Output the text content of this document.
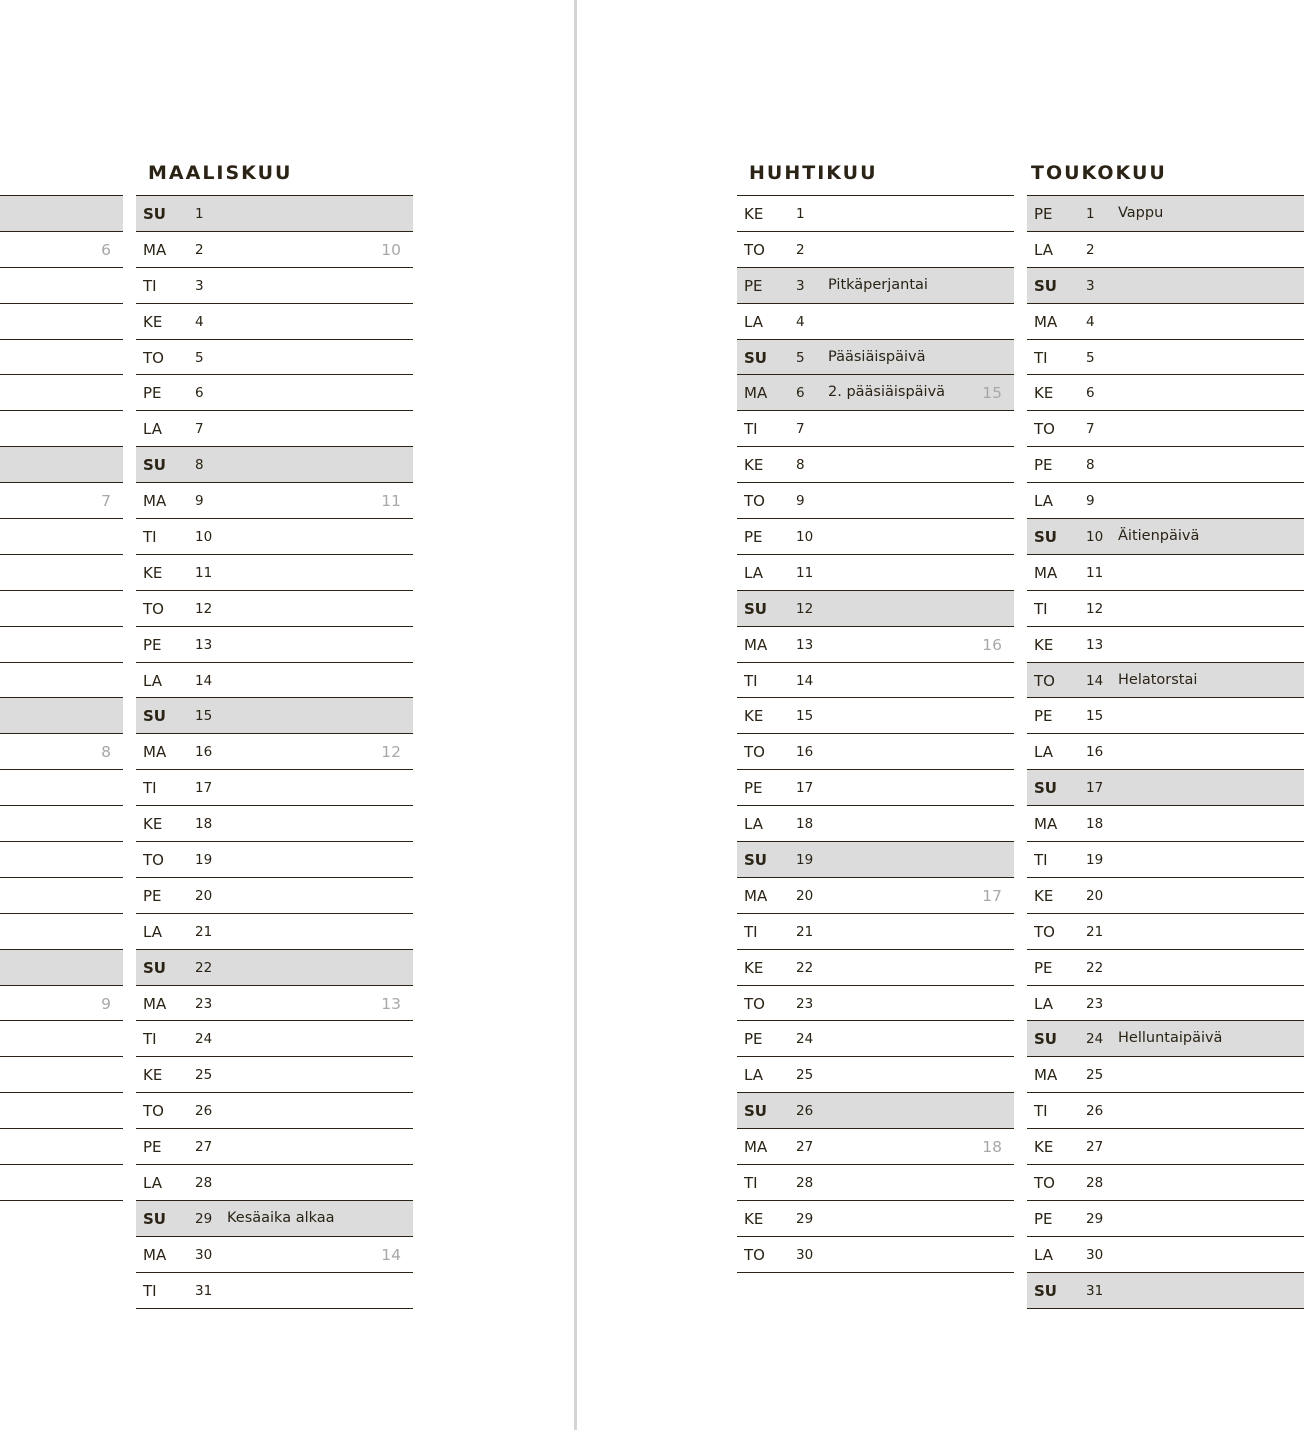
6
7
8
9
MAALISKUU
SU 1
MA 2	10
TI	3
KE 4
TO 5
PE 6
LA 7
SU 8
MA 9	11
TI	10
KE 11
TO 12
PE 13
LA 14
SU 15
MA 16	12
TI	17
KE 18
TO 19
PE 20
LA 21
SU 22
MA 23	13
TI	24
KE 25
TO 26
PE 27
LA 28
SU 29 Kesäaika alkaa
MA 30	14
TI	31
HUHTIKUU
KE 1
TO 2
PE 3 Pitkäperjantai
LA 4
SU 5 Pääsiäispäivä
MA 6 2. pääsiäispäivä 15
TI	7
KE 8
TO 9
PE 10
LA 11
SU 12
MA 13	16
TI	14
KE 15
TO 16
PE 17
LA 18
SU 19
MA 20	17
TI	21
KE 22
TO 23
PE 24
LA 25
SU 26
MA 27	18
TI	28
KE 29
TO 30
TOUKOKUU
PE 1 Vappu
LA 2
SU 3
MA 4
TI	5
KE 6
TO 7
PE 8
LA 9
SU 10 Äitienpäivä
MA 11
TI	12
KE 13
TO 14 Helatorstai
PE 15
LA 16
SU 17
MA 18
TI	19
KE 20
TO 21
PE 22
LA 23
SU 24 Helluntaipäivä
MA 25
TI	26
KE 27
TO 28
PE 29
LA 30
SU 31
